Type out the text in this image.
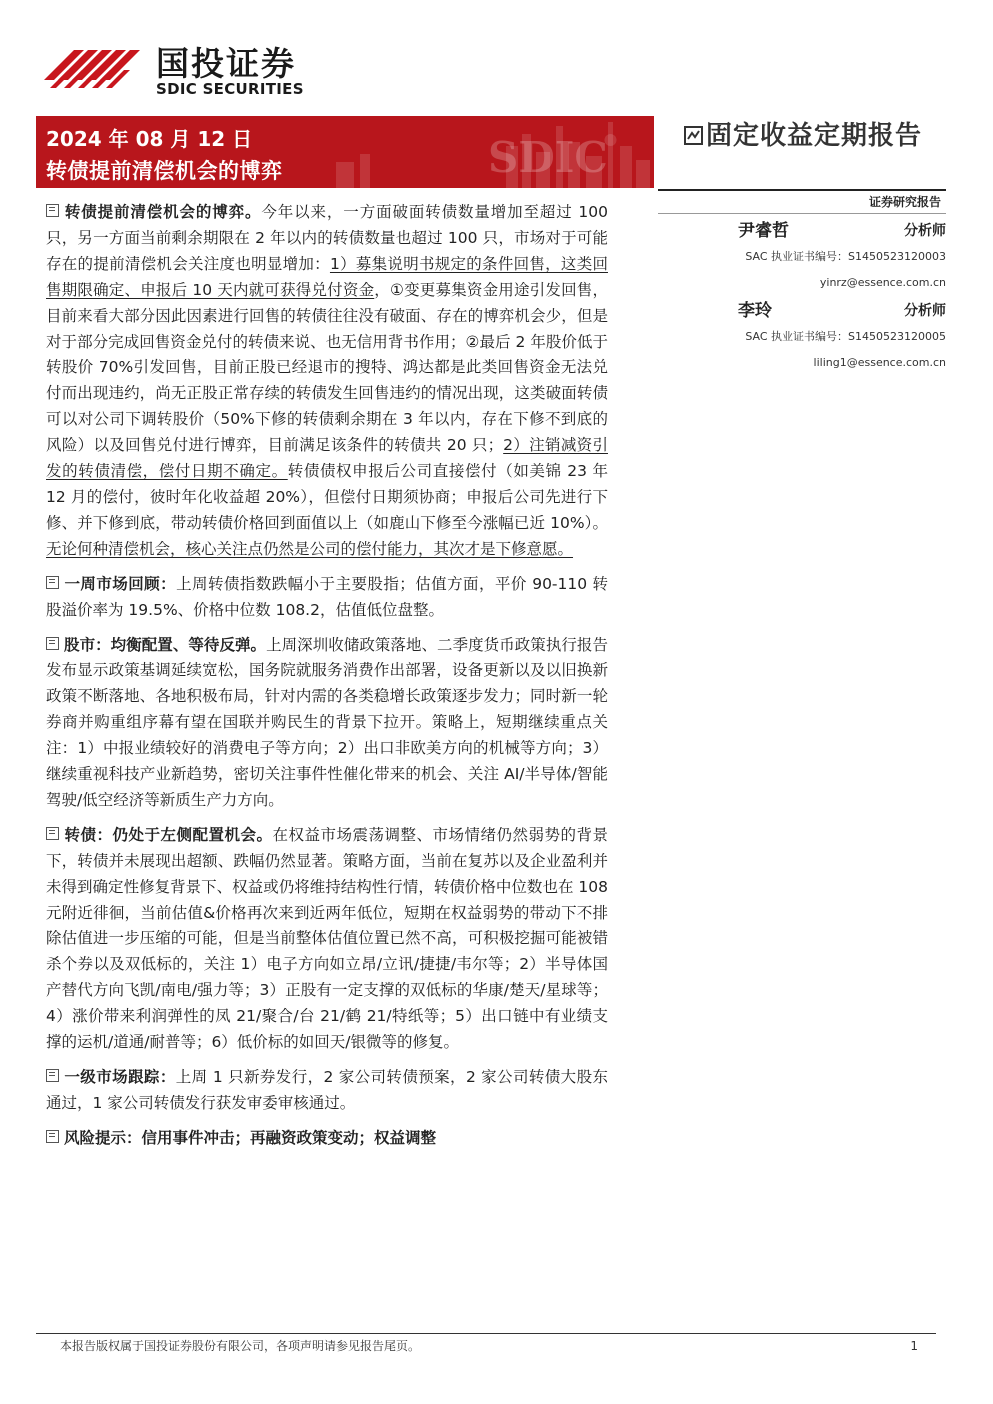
国投证券
SDIC SECURITIES
SDIC
2024 年 08 月 12 日
转债提前清偿机会的博弈
固定收益定期报告
证券研究报告
尹睿哲	分析师
SAC 执业证书编号：S1450523120003
yinrz@essence.com.cn
李玲	分析师
SAC 执业证书编号：S1450523120005
liling1@essence.com.cn

转债提前清偿机会的博弈。今年以来，一方面破面转债数量增加至超过 100 只，另一方面当前剩余期限在 2 年以内的转债数量也超过 100 只，市场对于可能存在的提前清偿机会关注度也明显增加：1）募集说明书规定的条件回售，这类回售期限确定、申报后 10 天内就可获得兑付资金，①变更募集资金用途引发回售，目前来看大部分因此因素进行回售的转债往往没有破面、存在的博弈机会少，但是对于部分完成回售资金兑付的转债来说、也无信用背书作用；②最后 2 年股价低于转股价 70%引发回售，目前正股已经退市的搜特、鸿达都是此类回售资金无法兑付而出现违约，尚无正股正常存续的转债发生回售违约的情况出现，这类破面转债可以对公司下调转股价（50%下修的转债剩余期在 3 年以内，存在下修不到底的风险）以及回售兑付进行博弈，目前满足该条件的转债共 20 只；2）注销减资引发的转债清偿，偿付日期不确定。转债债权申报后公司直接偿付（如美锦 23 年 12 月的偿付，彼时年化收益超 20%），但偿付日期须协商；申报后公司先进行下修、并下修到底，带动转债价格回到面值以上（如鹿山下修至今涨幅已近 10%）。无论何种清偿机会，核心关注点仍然是公司的偿付能力，其次才是下修意愿。

一周市场回顾：上周转债指数跌幅小于主要股指；估值方面，平价 90-110 转股溢价率为 19.5%、价格中位数 108.2，估值低位盘整。

股市：均衡配置、等待反弹。上周深圳收储政策落地、二季度货币政策执行报告发布显示政策基调延续宽松，国务院就服务消费作出部署，设备更新以及以旧换新政策不断落地、各地积极布局，针对内需的各类稳增长政策逐步发力；同时新一轮券商并购重组序幕有望在国联并购民生的背景下拉开。策略上，短期继续重点关注：1）中报业绩较好的消费电子等方向；2）出口非欧美方向的机械等方向；3）继续重视科技产业新趋势，密切关注事件性催化带来的机会、关注 AI/半导体/智能驾驶/低空经济等新质生产力方向。

转债：仍处于左侧配置机会。在权益市场震荡调整、市场情绪仍然弱势的背景下，转债并未展现出超额、跌幅仍然显著。策略方面，当前在复苏以及企业盈利并未得到确定性修复背景下、权益或仍将维持结构性行情，转债价格中位数也在 108 元附近徘徊，当前估值&价格再次来到近两年低位，短期在权益弱势的带动下不排除估值进一步压缩的可能，但是当前整体估值位置已然不高，可积极挖掘可能被错杀个券以及双低标的，关注 1）电子方向如立昂/立讯/捷捷/韦尔等；2）半导体国产替代方向飞凯/南电/强力等；3）正股有一定支撑的双低标的华康/楚天/星球等；4）涨价带来利润弹性的凤 21/聚合/台 21/鹤 21/特纸等；5）出口链中有业绩支撑的运机/道通/耐普等；6）低价标的如回天/银微等的修复。

一级市场跟踪：上周 1 只新券发行，2 家公司转债预案，2 家公司转债大股东通过，1 家公司转债发行获发审委审核通过。

风险提示：信用事件冲击；再融资政策变动；权益调整

本报告版权属于国投证券股份有限公司，各项声明请参见报告尾页。	1
